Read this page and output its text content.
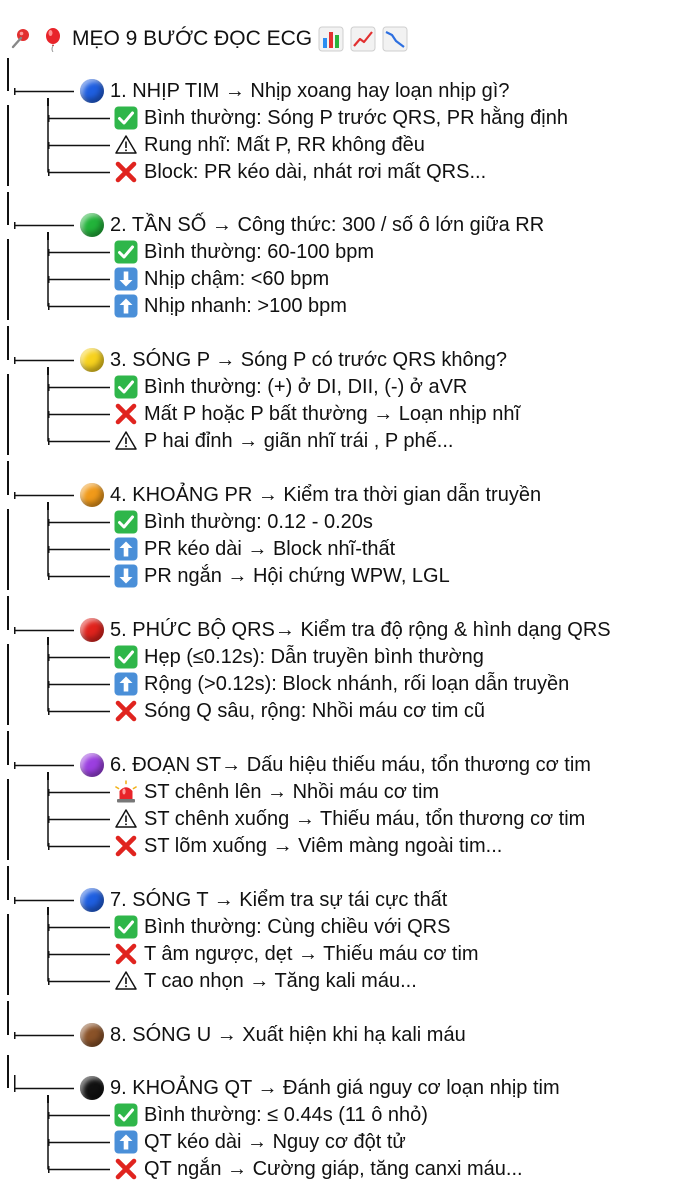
MẸO 9 BƯỚC ĐỌC ECG
1. NHỊP TIM → Nhịp xoang hay loạn nhịp gì?
Bình thường: Sóng P trước QRS, PR hằng định
Rung nhĩ: Mất P, RR không đều
Block: PR kéo dài, nhát rơi mất QRS...
2. TẦN SỐ → Công thức: 300 / số ô lớn giữa RR
Bình thường: 60-100 bpm
Nhịp chậm: <60 bpm
Nhịp nhanh: >100 bpm
3. SÓNG P → Sóng P có trước QRS không?
Bình thường: (+) ở DI, DII, (-) ở aVR
Mất P hoặc P bất thường → Loạn nhịp nhĩ
P hai đỉnh → giãn nhĩ trái , P phế...
4. KHOẢNG PR → Kiểm tra thời gian dẫn truyền
Bình thường: 0.12 - 0.20s
PR kéo dài → Block nhĩ-thất
PR ngắn → Hội chứng WPW, LGL
5. PHỨC BỘ QRS→ Kiểm tra độ rộng & hình dạng QRS
Hẹp (≤0.12s): Dẫn truyền bình thường
Rộng (>0.12s): Block nhánh, rối loạn dẫn truyền
Sóng Q sâu, rộng: Nhồi máu cơ tim cũ
6. ĐOẠN ST→ Dấu hiệu thiếu máu, tổn thương cơ tim
ST chênh lên → Nhồi máu cơ tim
ST chênh xuống → Thiếu máu, tổn thương cơ tim
ST lõm xuống → Viêm màng ngoài tim...
7. SÓNG T → Kiểm tra sự tái cực thất
Bình thường: Cùng chiều với QRS
T âm ngược, dẹt → Thiếu máu cơ tim
T cao nhọn → Tăng kali máu...
8. SÓNG U → Xuất hiện khi hạ kali máu
9. KHOẢNG QT → Đánh giá nguy cơ loạn nhịp tim
Bình thường: ≤ 0.44s (11 ô nhỏ)
QT kéo dài → Nguy cơ đột tử
QT ngắn → Cường giáp, tăng canxi máu...
